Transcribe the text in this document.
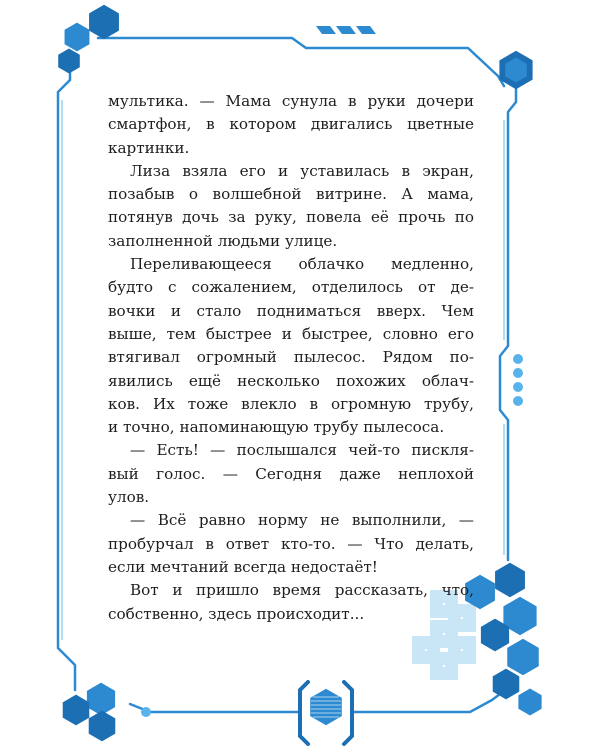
мультика. — Мама сунула в руки дочери
смартфон, в котором двигались цветные
картинки.
Лиза взяла его и уставилась в экран,
позабыв о волшебной витрине. А мама,
потянув дочь за руку, повела её прочь по
заполненной людьми улице.
Переливающееся облачко медленно,
будто с сожалением, отделилось от де-
вочки и стало подниматься вверх. Чем
выше, тем быстрее и быстрее, словно его
втягивал огромный пылесос. Рядом по-
явились ещё несколько похожих облач-
ков. Их тоже влекло в огромную трубу,
и точно, напоминающую трубу пылесоса.
— Есть! — послышался чей-то пискля-
вый голос. — Сегодня даже неплохой
улов.
— Всё равно норму не выполнили, —
пробурчал в ответ кто-то. — Что делать,
если мечтаний всегда недостаёт!
Вот и пришло время рассказать, что,
собственно, здесь происходит...
